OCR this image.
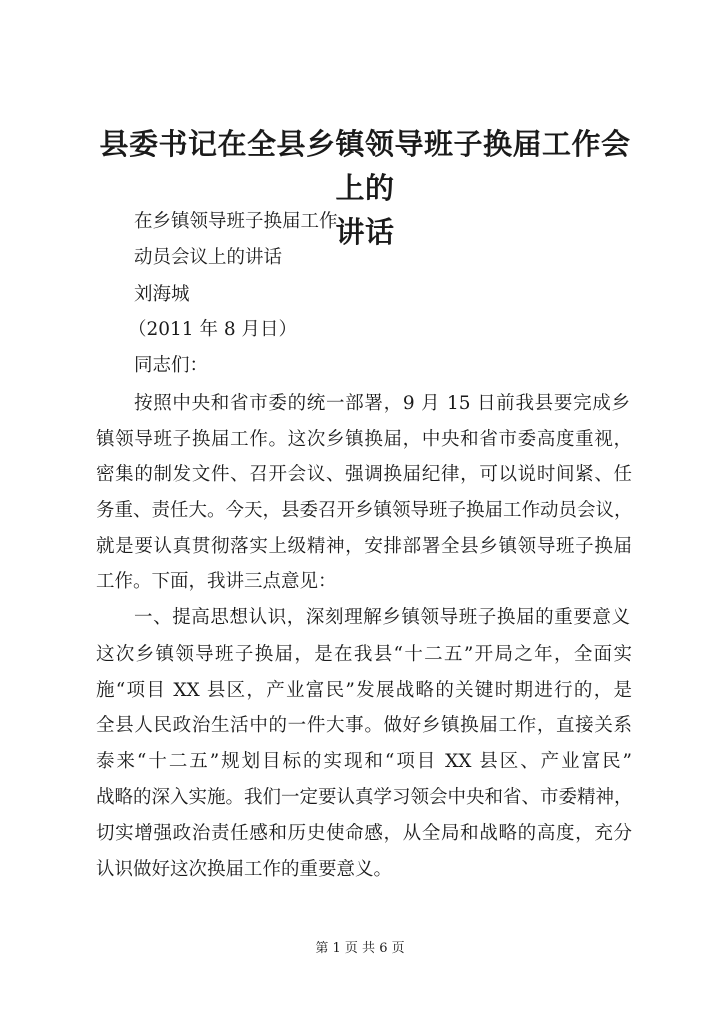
县委书记在全县乡镇领导班子换届工作会上的
讲话
在乡镇领导班子换届工作
动员会议上的讲话
刘海城
（2011 年 8 月日）
同志们：
按照中央和省市委的统一部署，9 月 15 日前我县要完成乡
镇领导班子换届工作。这次乡镇换届，中央和省市委高度重视，
密集的制发文件、召开会议、强调换届纪律，可以说时间紧、任
务重、责任大。今天，县委召开乡镇领导班子换届工作动员会议，
就是要认真贯彻落实上级精神，安排部署全县乡镇领导班子换届
工作。下面，我讲三点意见：
一、提高思想认识，深刻理解乡镇领导班子换届的重要意义
这次乡镇领导班子换届，是在我县“十二五”开局之年，全面实
施“项目 XX 县区，产业富民”发展战略的关键时期进行的，是
全县人民政治生活中的一件大事。做好乡镇换届工作，直接关系
泰来“十二五”规划目标的实现和“项目 XX 县区、产业富民”
战略的深入实施。我们一定要认真学习领会中央和省、市委精神，
切实增强政治责任感和历史使命感，从全局和战略的高度，充分
认识做好这次换届工作的重要意义。
第 1 页 共 6 页
